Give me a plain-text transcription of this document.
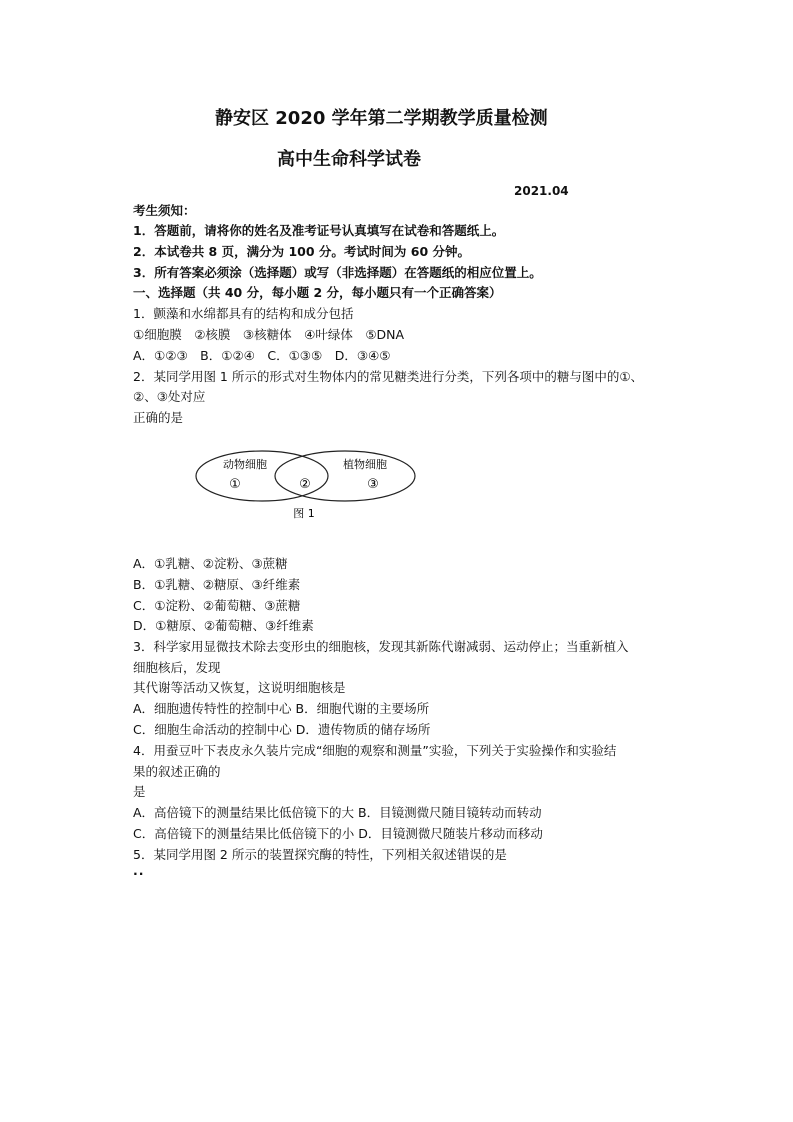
静安区 2020 学年第二学期教学质量检测
高中生命科学试卷
2021.04
考生须知：
1．答题前，请将你的姓名及准考证号认真填写在试卷和答题纸上。
2．本试卷共 8 页，满分为 100 分。考试时间为 60 分钟。
3．所有答案必须涂（选择题）或写（非选择题）在答题纸的相应位置上。
一、选择题（共 40 分，每小题 2 分，每小题只有一个正确答案）
1．颤藻和水绵都具有的结构和成分包括
①细胞膜　②核膜　③核糖体　④叶绿体　⑤DNA
A．①②③　B．①②④　C．①③⑤　D．③④⑤
2．某同学用图 1 所示的形式对生物体内的常见糖类进行分类，下列各项中的糖与图中的①、
②、③处对应
正确的是
动物细胞	植物细胞
①	②	③
图 1
A．①乳糖、②淀粉、③蔗糖
B．①乳糖、②糖原、③纤维素
C．①淀粉、②葡萄糖、③蔗糖
D．①糖原、②葡萄糖、③纤维素
3．科学家用显微技术除去变形虫的细胞核，发现其新陈代谢减弱、运动停止；当重新植入
细胞核后，发现
其代谢等活动又恢复，这说明细胞核是
A．细胞遗传特性的控制中心 B．细胞代谢的主要场所
C．细胞生命活动的控制中心 D．遗传物质的储存场所
4．用蚕豆叶下表皮永久装片完成“细胞的观察和测量”实验，下列关于实验操作和实验结
果的叙述正确的
是
A．高倍镜下的测量结果比低倍镜下的大 B．目镜测微尺随目镜转动而转动
C．高倍镜下的测量结果比低倍镜下的小 D．目镜测微尺随装片移动而移动
5．某同学用图 2 所示的装置探究酶的特性，下列相关叙述错误的是
··
